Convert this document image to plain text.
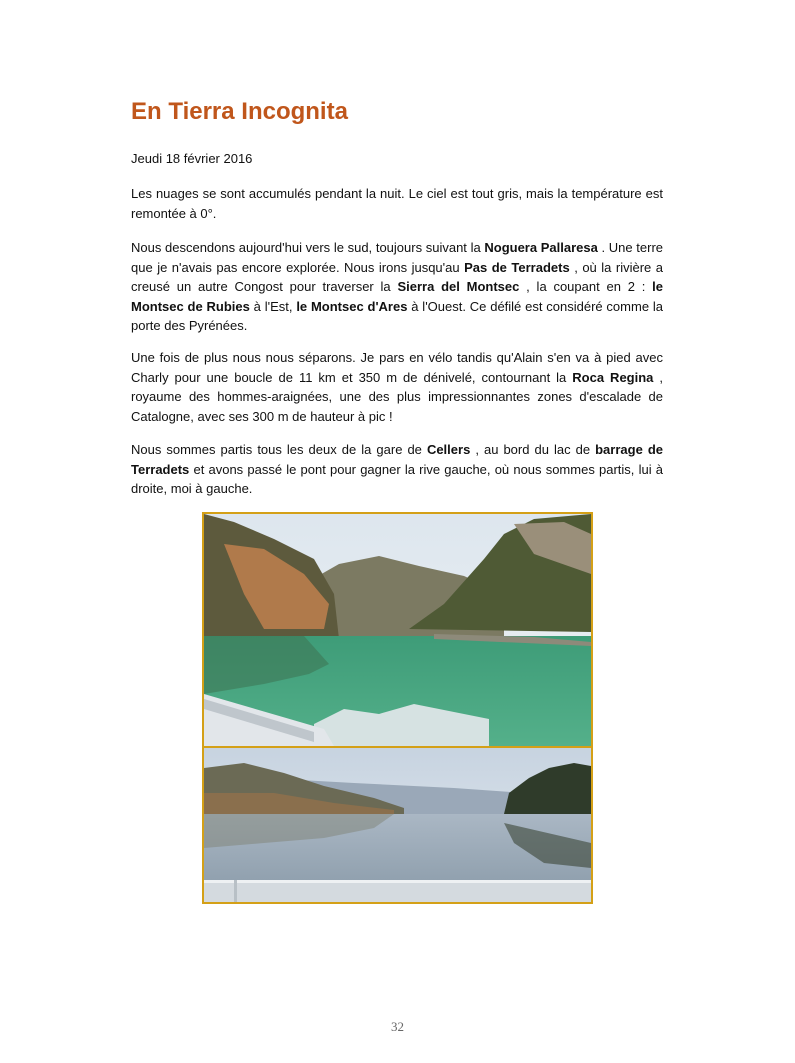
En Tierra Incognita
Jeudi 18 février 2016

Les nuages se sont accumulés pendant la nuit. Le ciel est tout gris, mais la température est remontée à 0°.

Nous descendons aujourd'hui vers le sud, toujours suivant la Noguera Pallaresa . Une terre que je n'avais pas encore explorée. Nous irons jusqu'au Pas de Terradets , où la rivière a creusé un autre Congost pour traverser la Sierra del Montsec , la coupant en 2 : le Montsec de Rubies à l'Est, le Montsec d'Ares à l'Ouest. Ce défilé est considéré comme la porte des Pyrénées.

Une fois de plus nous nous séparons. Je pars en vélo tandis qu'Alain s'en va à pied avec Charly pour une boucle de 11 km et 350 m de dénivelé, contournant la Roca Regina , royaume des hommes-araignées, une des plus impressionnantes zones d'escalade de Catalogne, avec ses 300 m de hauteur à pic !

Nous sommes partis tous les deux de la gare de Cellers , au bord du lac de barrage de Terradets et avons passé le pont pour gagner la rive gauche, où nous sommes partis, lui à droite, moi à gauche.

32
